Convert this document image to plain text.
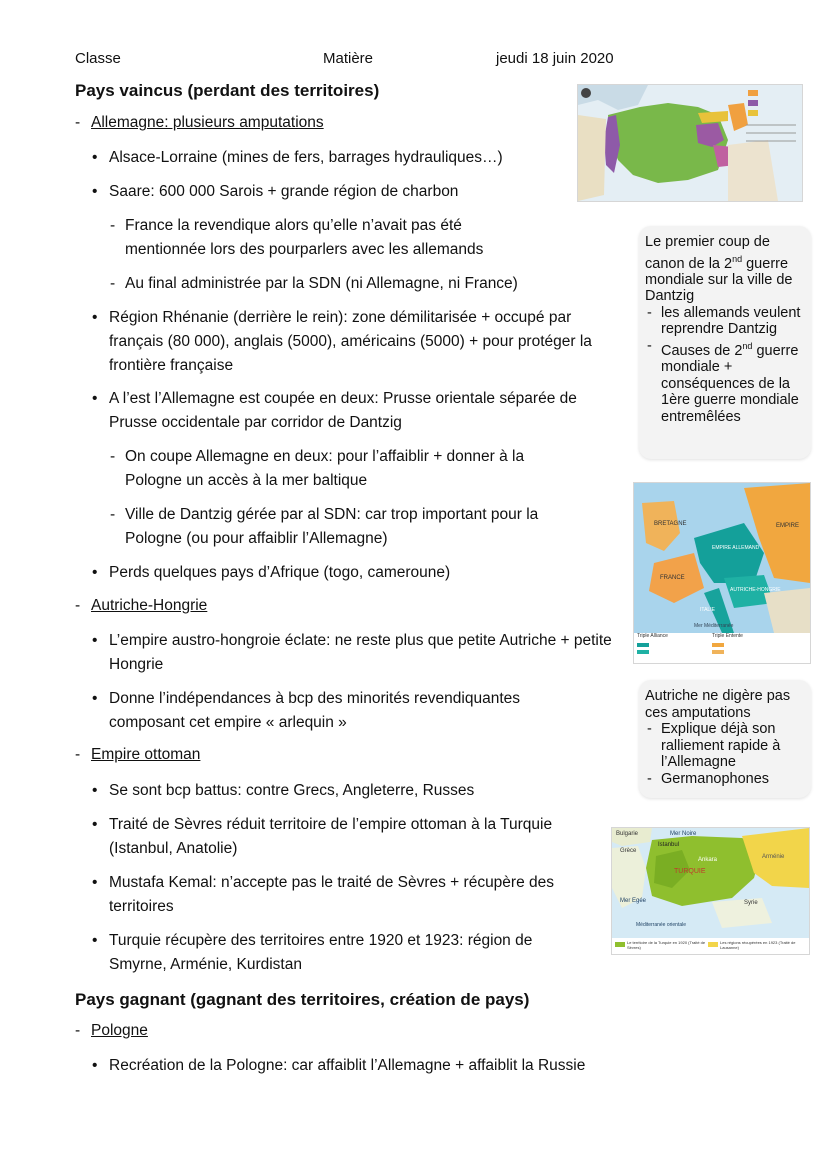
Classe	Matière	jeudi 18 juin 2020
Pays vaincus (perdant des territoires)
- Allemagne: plusieurs amputations
• Alsace-Lorraine (mines de fers, barrages hydrauliques…)
• Saare: 600 000 Sarois + grande région de charbon
- France la revendique alors qu’elle n’avait pas été mentionnée lors des pourparlers avec les allemands
- Au final administrée par la SDN (ni Allemagne, ni France)
• Région Rhénanie (derrière le rein): zone démilitarisée + occupé par français (80 000), anglais (5000), américains (5000) + pour protéger la frontière française
• A l’est l’Allemagne est coupée en deux: Prusse orientale séparée de Prusse occidentale par corridor de Dantzig
- On coupe Allemagne en deux: pour l’affaiblir + donner à la Pologne un accès à la mer baltique
- Ville de Dantzig gérée par al SDN: car trop important pour la Pologne (ou pour affaiblir l’Allemagne)
• Perds quelques pays d’Afrique (togo, cameroune)
- Autriche-Hongrie
• L’empire austro-hongroie éclate: ne reste plus que petite Autriche + petite Hongrie
• Donne l’indépendances à bcp des minorités revendiquantes composant cet empire « arlequin »
- Empire ottoman
• Se sont bcp battus: contre Grecs, Angleterre, Russes
• Traité de Sèvres réduit territoire de l’empire ottoman à la Turquie (Istanbul, Anatolie)
• Mustafa Kemal: n’accepte pas le traité de Sèvres + récupère des territoires
• Turquie récupère des territoires entre 1920 et 1923: région de Smyrne, Arménie, Kurdistan
Pays gagnant (gagnant des territoires, création de pays)
- Pologne
• Recréation de la Pologne: car affaiblit l’Allemagne + affaiblit la Russie
Le premier coup de canon de la 2nd guerre mondiale sur la ville de Dantzig
- les allemands veulent reprendre Dantzig
- Causes de 2nd guerre mondiale + conséquences de la 1ère guerre mondiale entremêlées
Autriche ne digère pas ces amputations
- Explique déjà son ralliement rapide à l’Allemagne
- Germanophones
BRETAGNE	EMPIRE
FRANCE
EMPIRE ALLEMAND
AUTRICHE-HONGRIE
ITALIE
Mer Méditerranée
Triple Alliance	Triple Entente
Bulgarie	Mer Noire
Grèce
Istanbul
Ankara	Arménie
TURQUIE
Mer Egée	Syrie
Méditerranée orientale
Le territoire de la Turquie en 1920 (Traité de Sèvres)
Les régions récupérées en 1923 (Traité de Lausanne)
